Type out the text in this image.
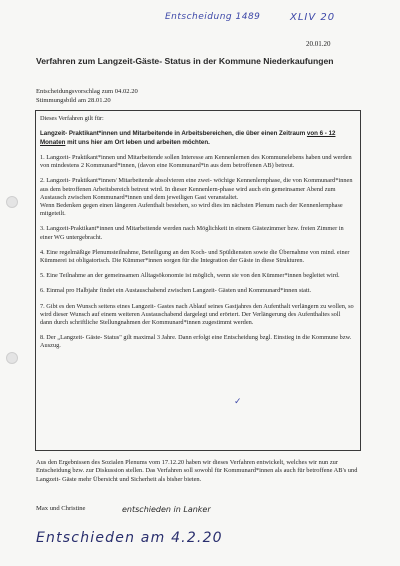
Entscheidung 1489	XLIV 20
20.01.20
Verfahren zum Langzeit-Gäste- Status in der Kommune Niederkaufungen
Entscheidungsvorschlag zum 04.02.20
Stimmungsbild am 28.01.20

Dieses Verfahren gilt für:

Langzeit- Praktikant*innen und Mitarbeitende in Arbeitsbereichen, die über einen Zeitraum von 6 - 12 Monaten mit uns hier am Ort leben und arbeiten möchten.

1. Langzeit- Praktikant*innen und Mitarbeitende sollen Interesse am Kennenlernen des Kommunelebens haben und werden von mindestens 2 Kommunard*innen, (davon eine Kommunard*in aus dem betroffenen AB) betreut.

2. Langzeit- Praktikant*innen/ Mitarbeitende absolvieren eine zwei- wöchige Kennenlernphase, die von Kommunard*innen aus dem betroffenen Arbeitsbereich betreut wird. In dieser Kennenlern-phase wird auch ein gemeinsamer Abend zum Austausch zwischen Kommunard*innen und dem jeweiligen Gast veranstaltet.
Wenn Bedenken gegen einen längeren Aufenthalt bestehen, so wird dies im nächsten Plenum nach der Kennenlernphase mitgeteilt.

3. Langzeit-Praktikant*innen und Mitarbeitende werden nach Möglichkeit in einem Gästezimmer bzw. freien Zimmer in einer WG untergebracht.

4. Eine regelmäßige Plenumsteilnahme, Beteiligung an den Koch- und Spüldiensten sowie die Übernahme von mind. einer Kümmerei ist obligatorisch. Die Kümmer*innen sorgen für die Integration der Gäste in diese Strukturen.

5. Eine Teilnahme an der gemeinsamen Alltagsökonomie ist möglich, wenn sie von den Kümmer*innen begleitet wird.

6. Einmal pro Halbjahr findet ein Austauschabend zwischen Langzeit- Gästen und Kommunard*innen statt.

7. Gibt es den Wunsch seitens eines Langzeit- Gastes nach Ablauf seines Gastjahres den Aufenthalt verlängern zu wollen, so wird dieser Wunsch auf einem weiteren Austauschabend dargelegt und erörtert. Der Verlängerung des Aufenthaltes soll dann durch schriftliche Stellungnahmen der Kommunard*innen zugestimmt werden.

8. Der „Langzeit- Gäste- Status" gilt maximal 3 Jahre. Dann erfolgt eine Entscheidung bzgl. Einstieg in die Kommune bzw. Auszug.

✓
Aus den Ergebnissen des Sozialen Plenums vom 17.12.20 haben wir dieses Verfahren entwickelt, welches wir nun zur Entscheidung bzw. zur Diskussion stellen. Das Verfahren soll sowohl für Kommunard*innen als auch für betroffene AB's und Langzeit- Gäste mehr Übersicht und Sicherheit als bisher bieten.
Max und Christine	entschieden in Lanker
Entschieden am 4.2.20
